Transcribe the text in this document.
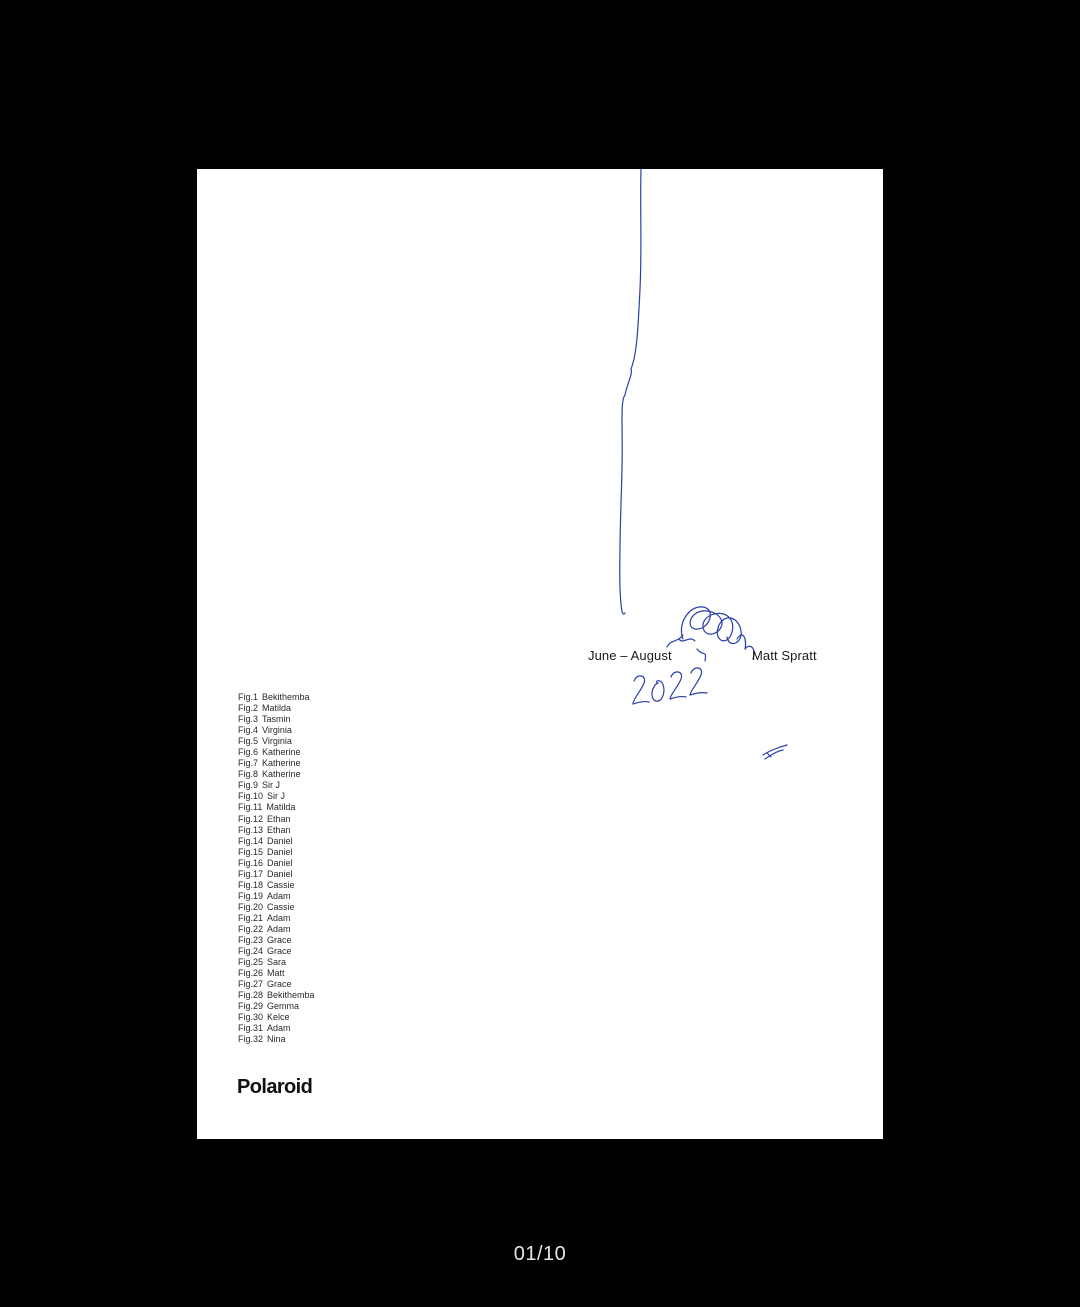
June – August	Matt Spratt
Fig.1 Bekithemba
Fig.2 Matilda
Fig.3 Tasmin
Fig.4 Virginia
Fig.5 Virginia
Fig.6 Katherine
Fig.7 Katherine
Fig.8 Katherine
Fig.9 Sir J
Fig.10 Sir J
Fig.11 Matilda
Fig.12 Ethan
Fig.13 Ethan
Fig.14 Daniel
Fig.15 Daniel
Fig.16 Daniel
Fig.17 Daniel
Fig.18 Cassie
Fig.19 Adam
Fig.20 Cassie
Fig.21 Adam
Fig.22 Adam
Fig.23 Grace
Fig.24 Grace
Fig.25 Sara
Fig.26 Matt
Fig.27 Grace
Fig.28 Bekithemba
Fig.29 Gemma
Fig.30 Kelce
Fig.31 Adam
Fig.32 Nina
Polaroid
01/10
